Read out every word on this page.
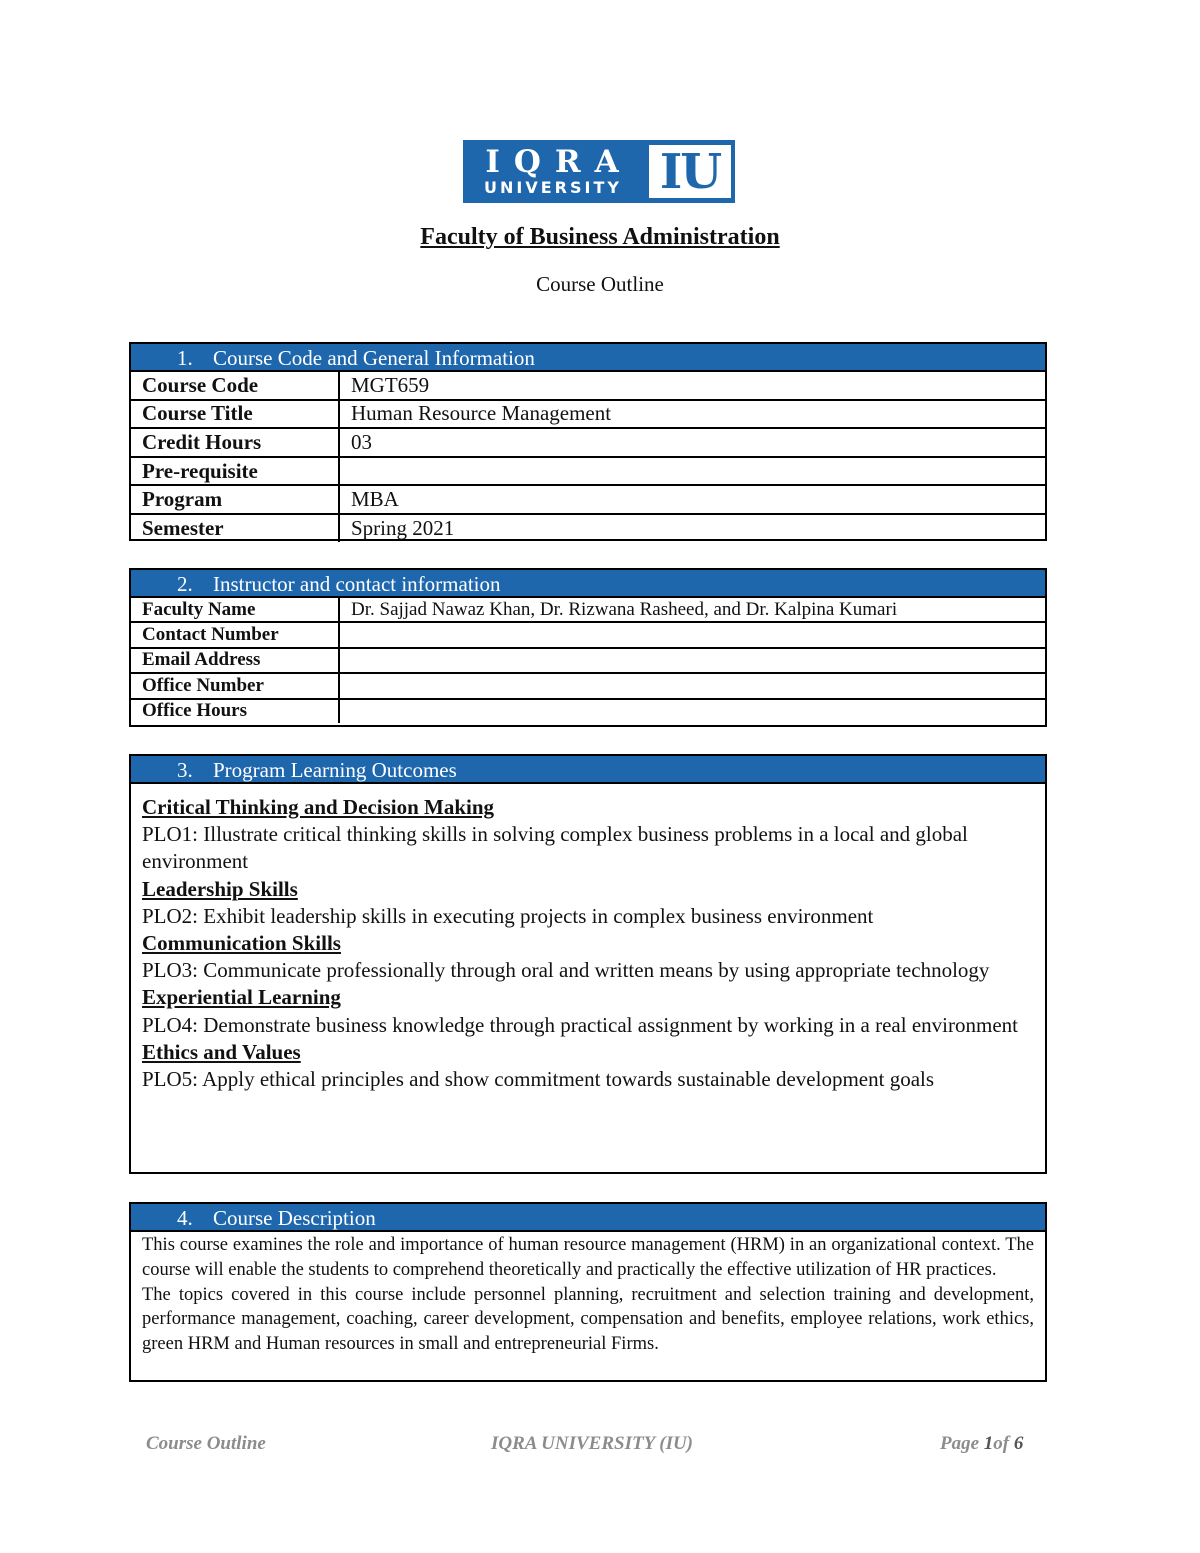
IQRA
UNIVERSITY IU
Faculty of Business Administration
Course Outline
1. Course Code and General Information
Course Code	MGT659
Course Title	Human Resource Management
Credit Hours	03
Pre-requisite	
Program	MBA
Semester	Spring 2021
2. Instructor and contact information
Faculty Name	Dr. Sajjad Nawaz Khan, Dr. Rizwana Rasheed, and Dr. Kalpina Kumari
Contact Number	
Email Address	
Office Number	
Office Hours	
3. Program Learning Outcomes
Critical Thinking and Decision Making
PLO1: Illustrate critical thinking skills in solving complex business problems in a local and global environment
Leadership Skills
PLO2: Exhibit leadership skills in executing projects in complex business environment
Communication Skills
PLO3: Communicate professionally through oral and written means by using appropriate technology
Experiential Learning
PLO4: Demonstrate business knowledge through practical assignment by working in a real environment
Ethics and Values
PLO5: Apply ethical principles and show commitment towards sustainable development goals
4. Course Description

This course examines the role and importance of human resource management (HRM) in an organizational context. The course will enable the students to comprehend theoretically and practically the effective utilization of HR practices.

The topics covered in this course include personnel planning, recruitment and selection training and development, performance management, coaching, career development, compensation and benefits, employee relations, work ethics, green HRM and Human resources in small and entrepreneurial Firms.

Course Outline	IQRA UNIVERSITY (IU)	Page 1of 6
